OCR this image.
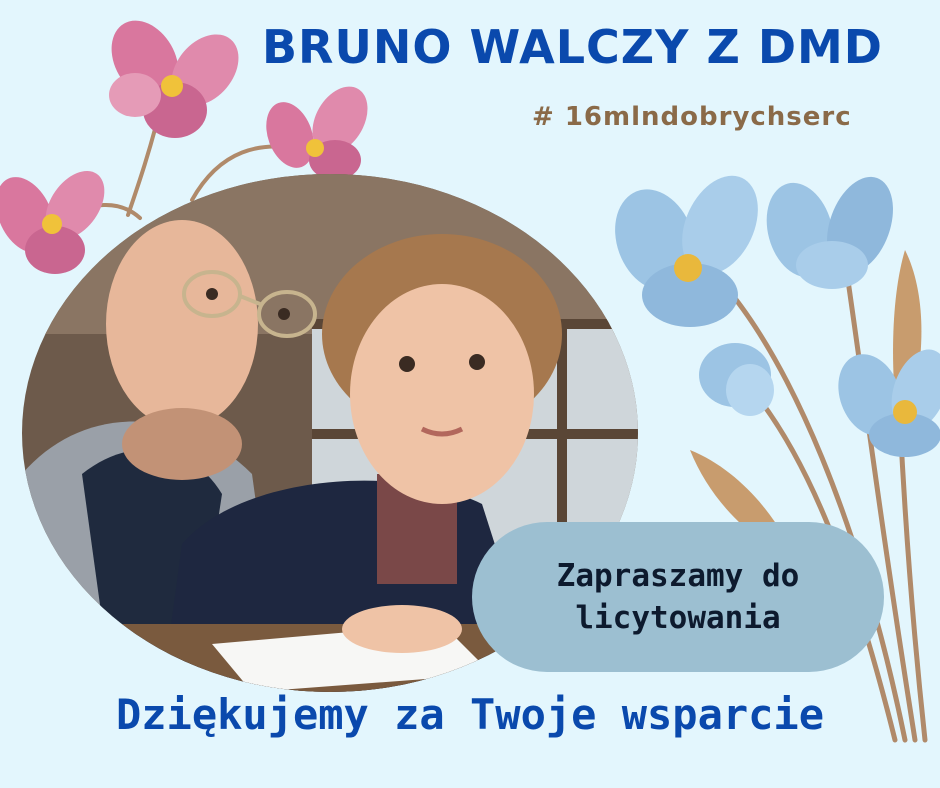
BRUNO WALCZY Z DMD
# 16mlndobrychserc
Zapraszamy do
licytowania
Dziękujemy za Twoje wsparcie
